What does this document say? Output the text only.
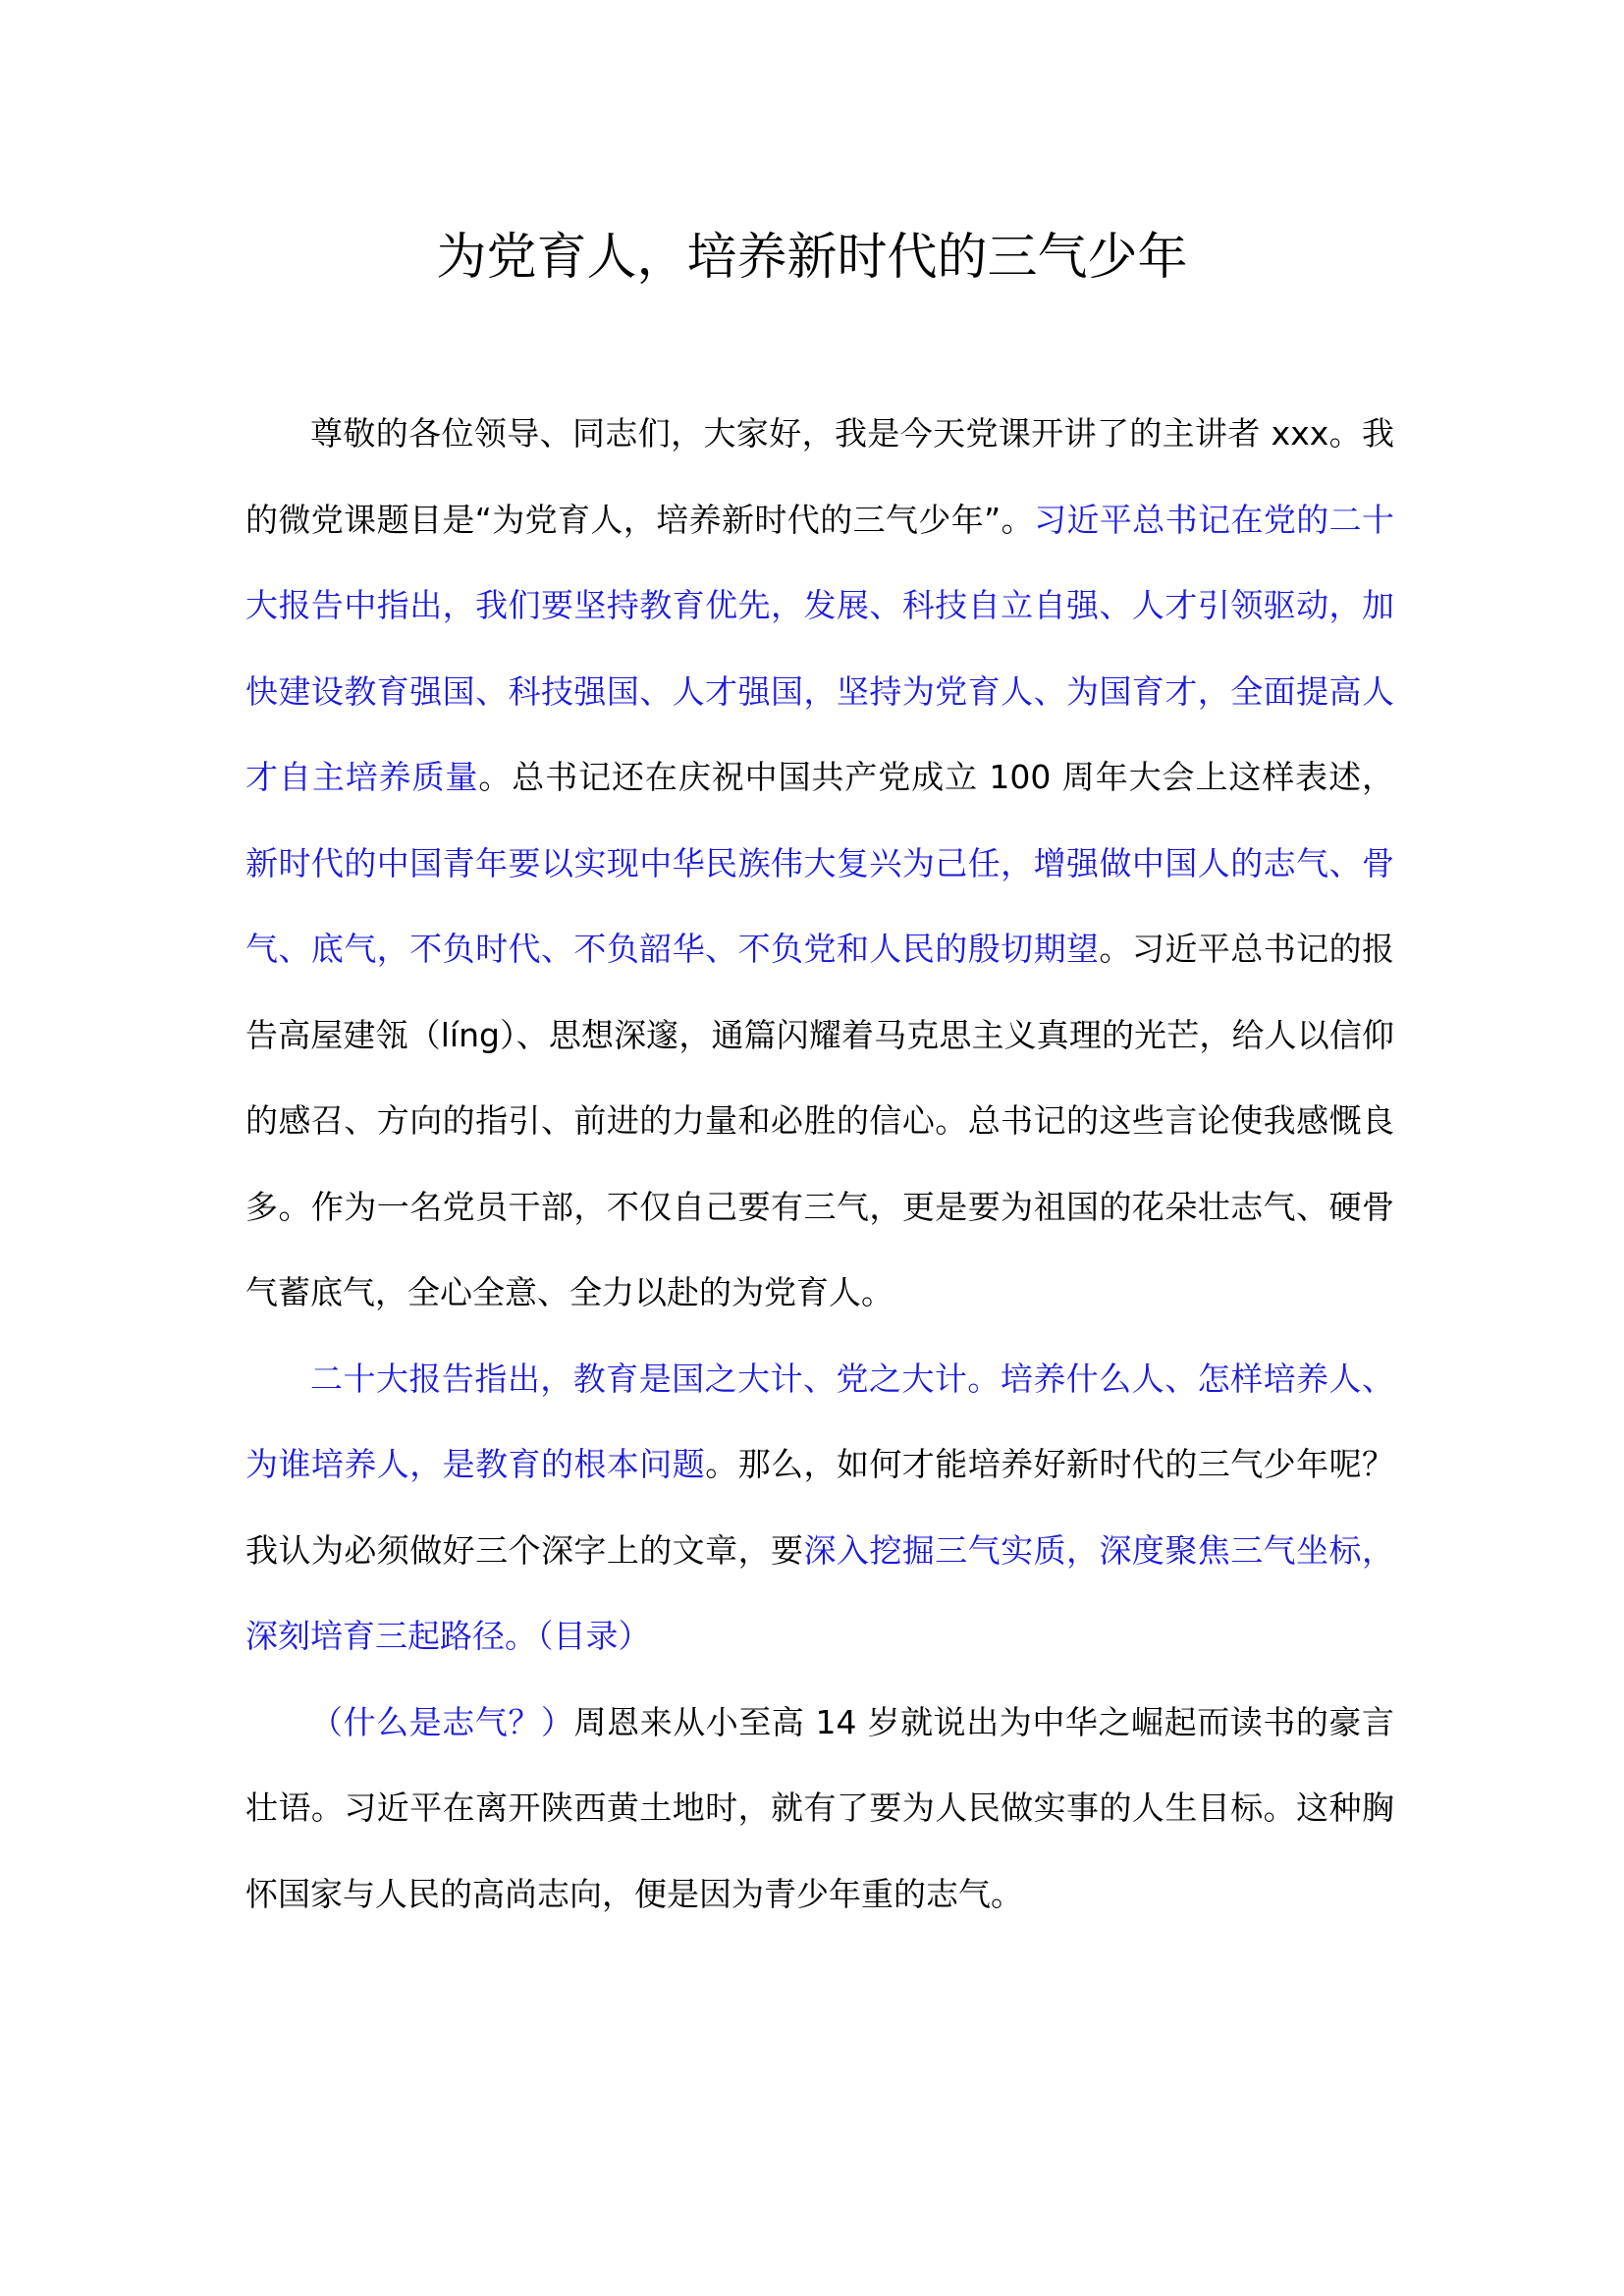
为党育人，培养新时代的三气少年

尊敬的各位领导、同志们，大家好，我是今天党课开讲了的主讲者 xxx。我的微党课题目是“为党育人，培养新时代的三气少年”。习近平总书记在党的二十大报告中指出，我们要坚持教育优先，发展、科技自立自强、人才引领驱动，加快建设教育强国、科技强国、人才强国，坚持为党育人、为国育才，全面提高人才自主培养质量。总书记还在庆祝中国共产党成立 100 周年大会上这样表述，新时代的中国青年要以实现中华民族伟大复兴为己任，增强做中国人的志气、骨气、底气，不负时代、不负韶华、不负党和人民的殷切期望。习近平总书记的报告高屋建瓴（líng）、思想深邃，通篇闪耀着马克思主义真理的光芒，给人以信仰的感召、方向的指引、前进的力量和必胜的信心。总书记的这些言论使我感慨良多。作为一名党员干部，不仅自己要有三气，更是要为祖国的花朵壮志气、硬骨气蓄底气，全心全意、全力以赴的为党育人。

二十大报告指出，教育是国之大计、党之大计。培养什么人、怎样培养人、为谁培养人，是教育的根本问题。那么，如何才能培养好新时代的三气少年呢？我认为必须做好三个深字上的文章，要深入挖掘三气实质，深度聚焦三气坐标，深刻培育三起路径。（目录）

（什么是志气？）周恩来从小至高 14 岁就说出为中华之崛起而读书的豪言壮语。习近平在离开陕西黄土地时，就有了要为人民做实事的人生目标。这种胸怀国家与人民的高尚志向，便是因为青少年重的志气。
